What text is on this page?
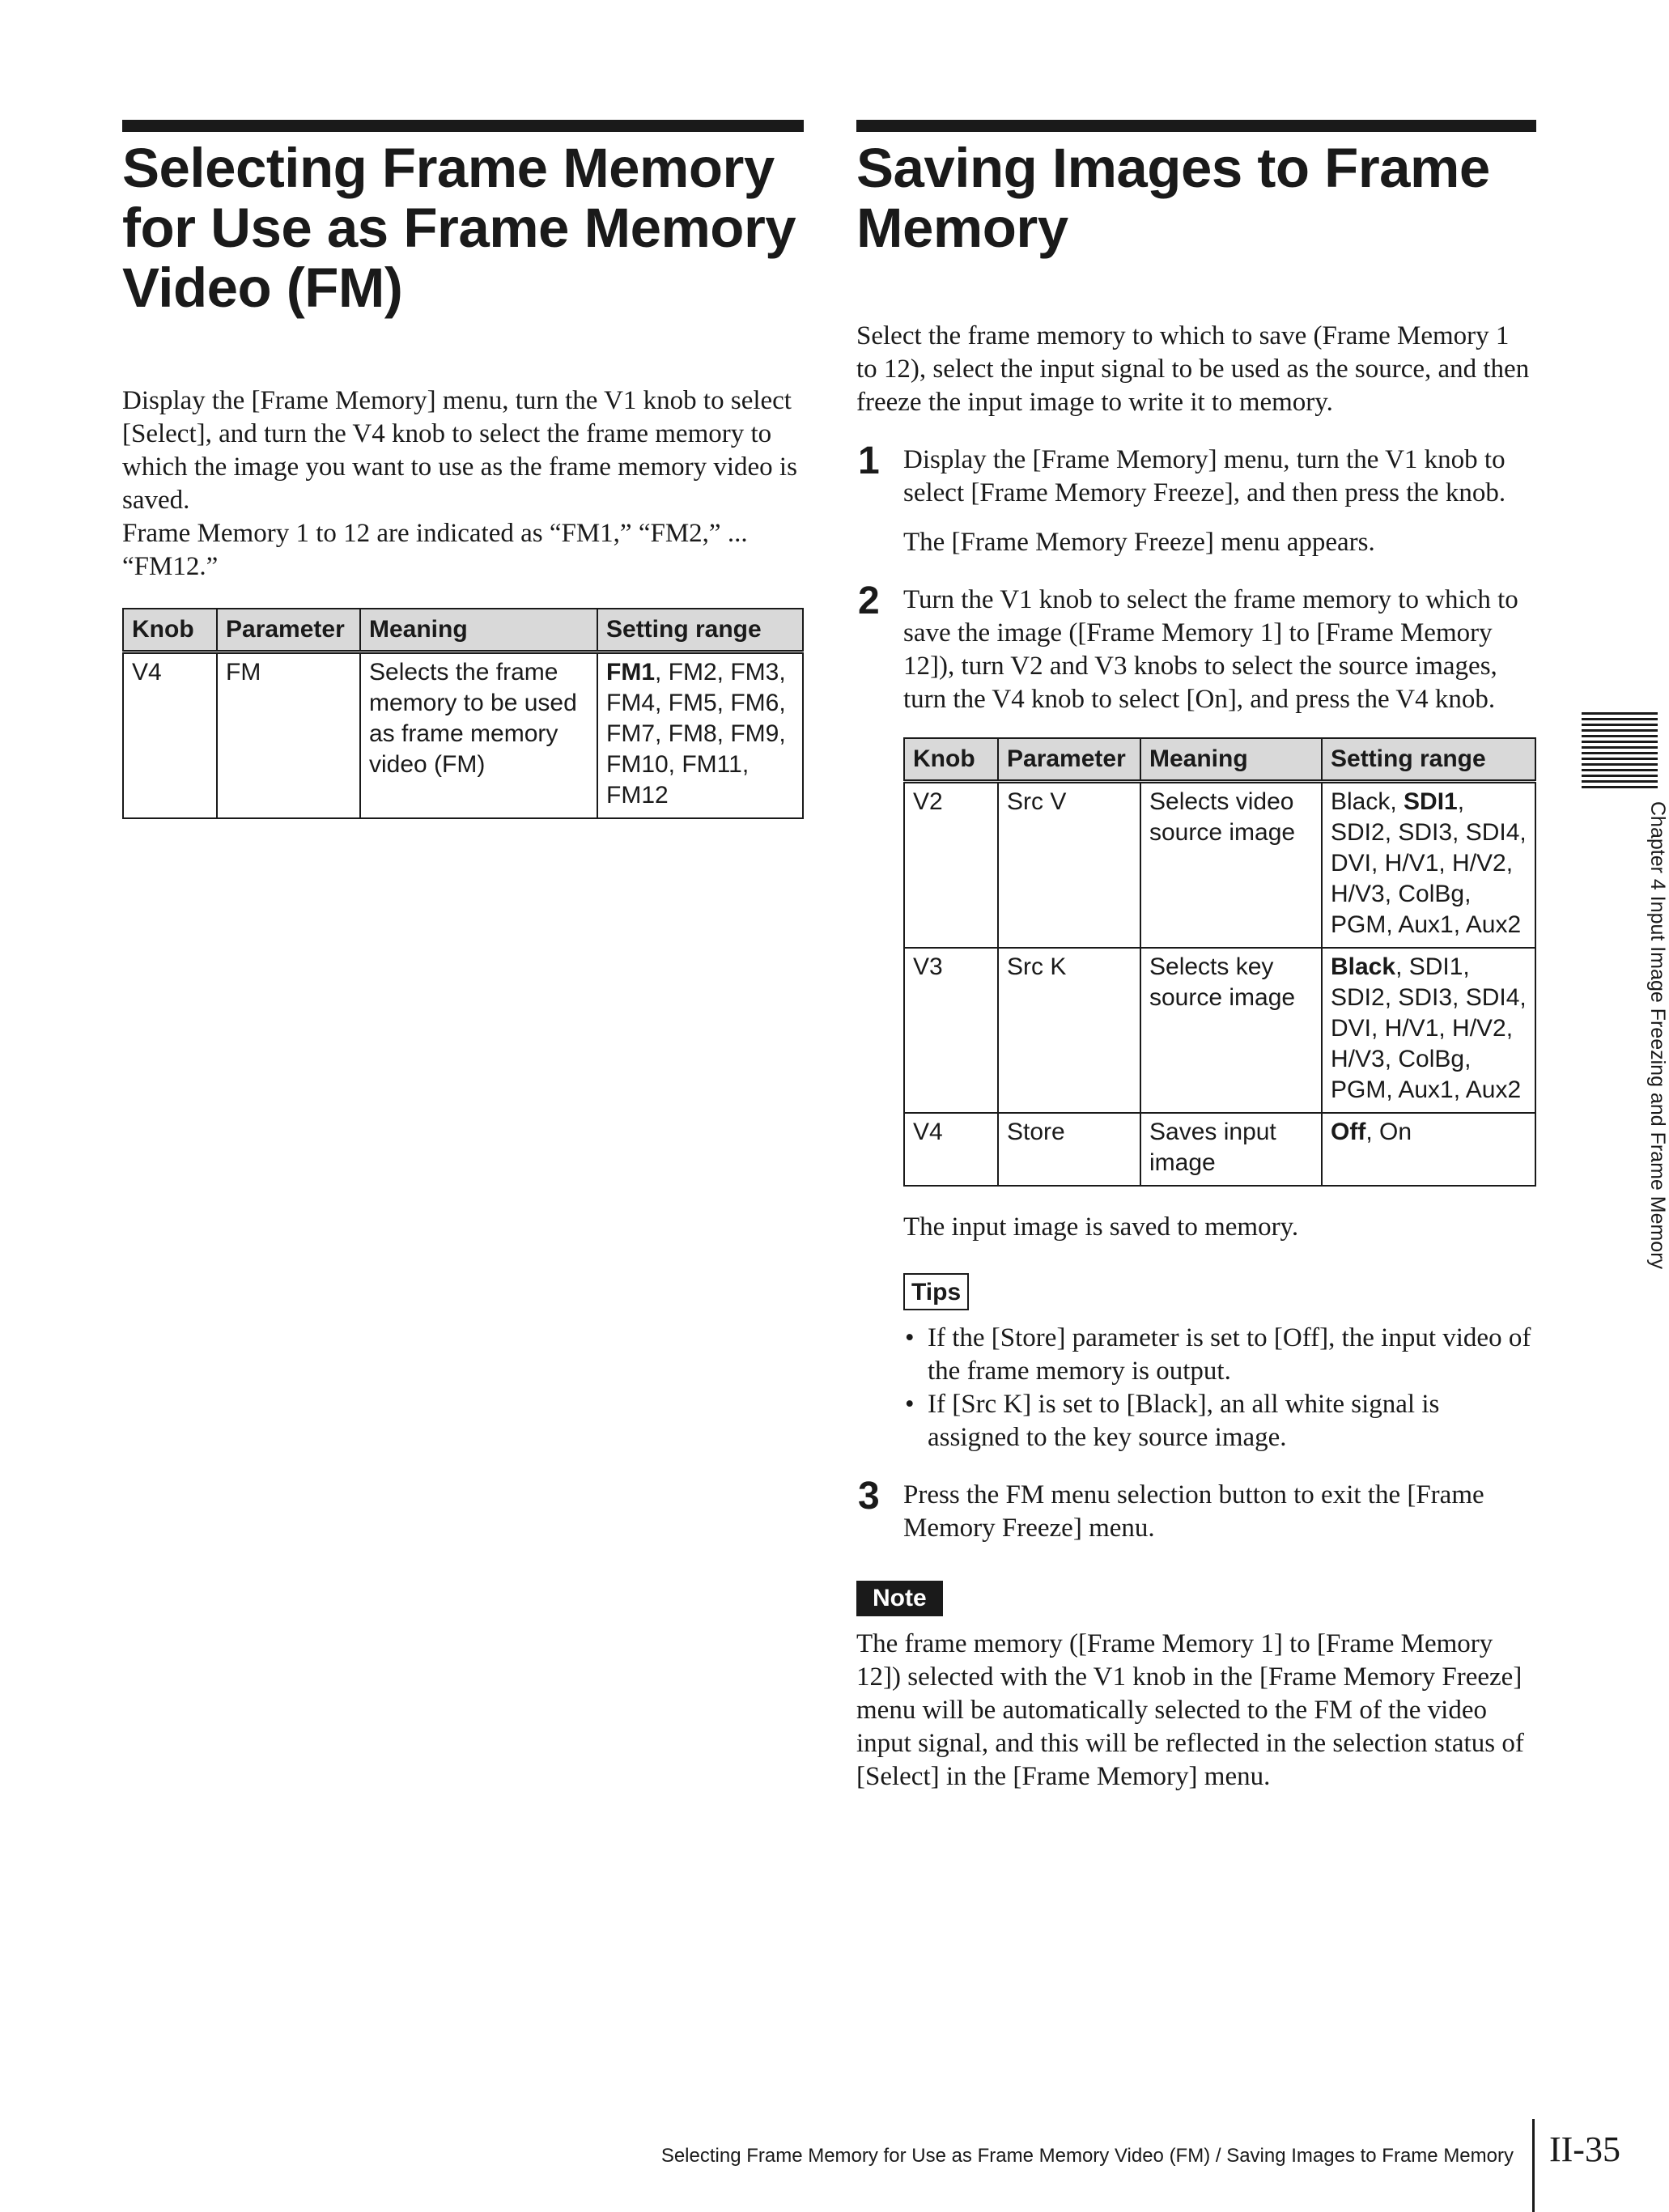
Selecting Frame Memory for Use as Frame Memory Video (FM)

Display the [Frame Memory] menu, turn the V1 knob to select [Select], and turn the V4 knob to select the frame memory to which the image you want to use as the frame memory video is saved.

Frame Memory 1 to 12 are indicated as “FM1,” “FM2,” ... “FM12.”

Knob	Parameter	Meaning	Setting range
V4	FM	Selects the frame memory to be used as frame memory video (FM)	FM1, FM2, FM3, FM4, FM5, FM6, FM7, FM8, FM9, FM10, FM11, FM12
Saving Images to Frame Memory

Select the frame memory to which to save (Frame Memory 1 to 12), select the input signal to be used as the source, and then freeze the input image to write it to memory.

1 Display the [Frame Memory] menu, turn the V1 knob to select [Frame Memory Freeze], and then press the knob.

The [Frame Memory Freeze] menu appears.

2 Turn the V1 knob to select the frame memory to which to save the image ([Frame Memory 1] to [Frame Memory 12]), turn V2 and V3 knobs to select the source images, turn the V4 knob to select [On], and press the V4 knob.

Knob	Parameter	Meaning	Setting range
V2	Src V	Selects video source image	Black, SDI1, SDI2, SDI3, SDI4, DVI, H/V1, H/V2, H/V3, ColBg, PGM, Aux1, Aux2
V3	Src K	Selects key source image	Black, SDI1, SDI2, SDI3, SDI4, DVI, H/V1, H/V2, H/V3, ColBg, PGM, Aux1, Aux2
V4	Store	Saves input image	Off, On

The input image is saved to memory.

Tips
• If the [Store] parameter is set to [Off], the input video of the frame memory is output.
• If [Src K] is set to [Black], an all white signal is assigned to the key source image.
3 Press the FM menu selection button to exit the [Frame Memory Freeze] menu.

Note

The frame memory ([Frame Memory 1] to [Frame Memory 12]) selected with the V1 knob in the [Frame Memory Freeze] menu will be automatically selected to the FM of the video input signal, and this will be reflected in the selection status of [Select] in the [Frame Memory] menu.

Chapter 4 Input Image Freezing and Frame Memory
Selecting Frame Memory for Use as Frame Memory Video (FM) / Saving Images to Frame Memory II-35
